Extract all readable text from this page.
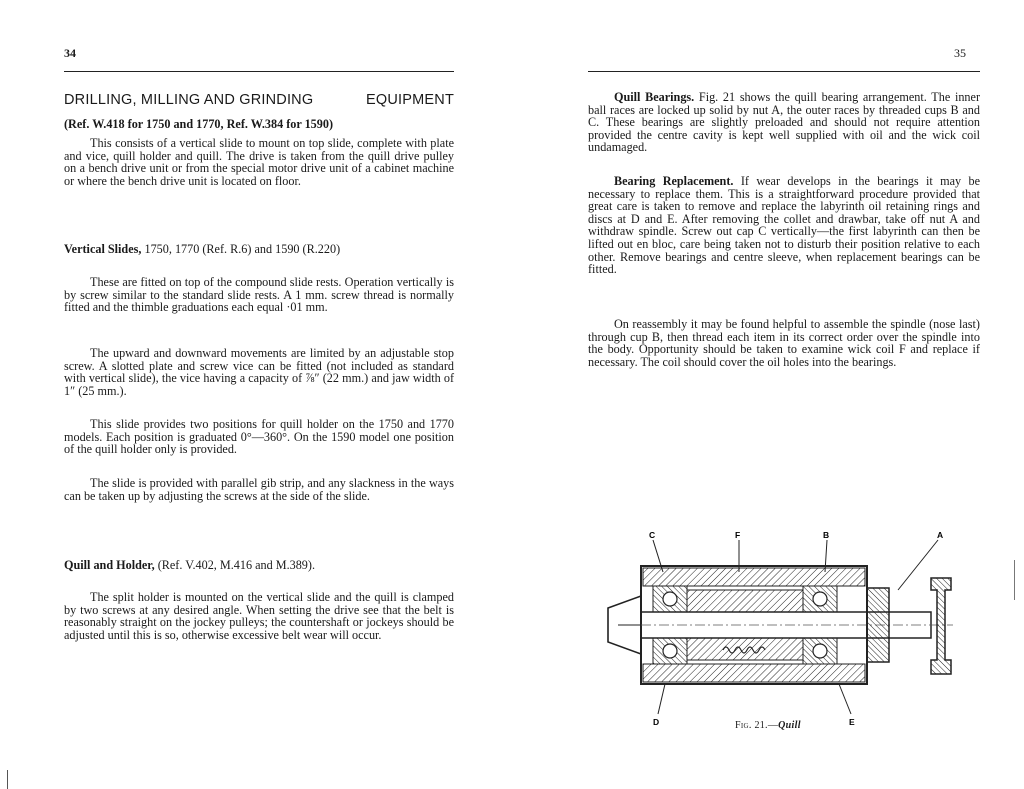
34
DRILLING, MILLING AND GRINDING	EQUIPMENT
(Ref. W.418 for 1750 and 1770, Ref. W.384 for 1590)

This consists of a vertical slide to mount on top slide, complete with plate and vice, quill holder and quill. The drive is taken from the quill drive pulley on a bench drive unit or from the special motor drive unit of a cabinet machine or where the bench drive unit is located on floor.

Vertical Slides, 1750, 1770 (Ref. R.6) and 1590 (R.220)

These are fitted on top of the compound slide rests. Operation vertically is by screw similar to the standard slide rests. A 1 mm. screw thread is normally fitted and the thimble graduations each equal ·01 mm.

The upward and downward movements are limited by an adjustable stop screw. A slotted plate and screw vice can be fitted (not included as standard with vertical slide), the vice having a capacity of ⅞″ (22 mm.) and jaw width of 1″ (25 mm.).

This slide provides two positions for quill holder on the 1750 and 1770 models. Each position is graduated 0°—360°. On the 1590 model one position of the quill holder only is provided.

The slide is provided with parallel gib strip, and any slackness in the ways can be taken up by adjusting the screws at the side of the slide.

Quill and Holder, (Ref. V.402, M.416 and M.389).

The split holder is mounted on the vertical slide and the quill is clamped by two screws at any desired angle. When setting the drive see that the belt is reasonably straight on the jockey pulleys; the countershaft or jockeys should be adjusted until this is so, otherwise excessive belt wear will occur.

35

Quill Bearings. Fig. 21 shows the quill bearing arrangement. The inner ball races are locked up solid by nut A, the outer races by threaded cups B and C. These bearings are slightly preloaded and should not require attention provided the centre cavity is kept well supplied with oil and the wick coil undamaged.

Bearing Replacement. If wear develops in the bearings it may be necessary to replace them. This is a straightforward procedure provided that great care is taken to remove and replace the labyrinth oil retaining rings and discs at D and E. After removing the collet and drawbar, take off nut A and withdraw spindle. Screw out cap C vertically—the first labyrinth can then be lifted out en bloc, care being taken not to disturb their position relative to each other. Remove bearings and centre sleeve, when replacement bearings can be fitted.

On reassembly it may be found helpful to assemble the spindle (nose last) through cup B, then thread each item in its correct order over the spindle into the body. Opportunity should be taken to examine wick coil F and replace if necessary. The coil should cover the oil holes into the bearings.

C	F	B	A
D	E
Fig. 21.—Quill
